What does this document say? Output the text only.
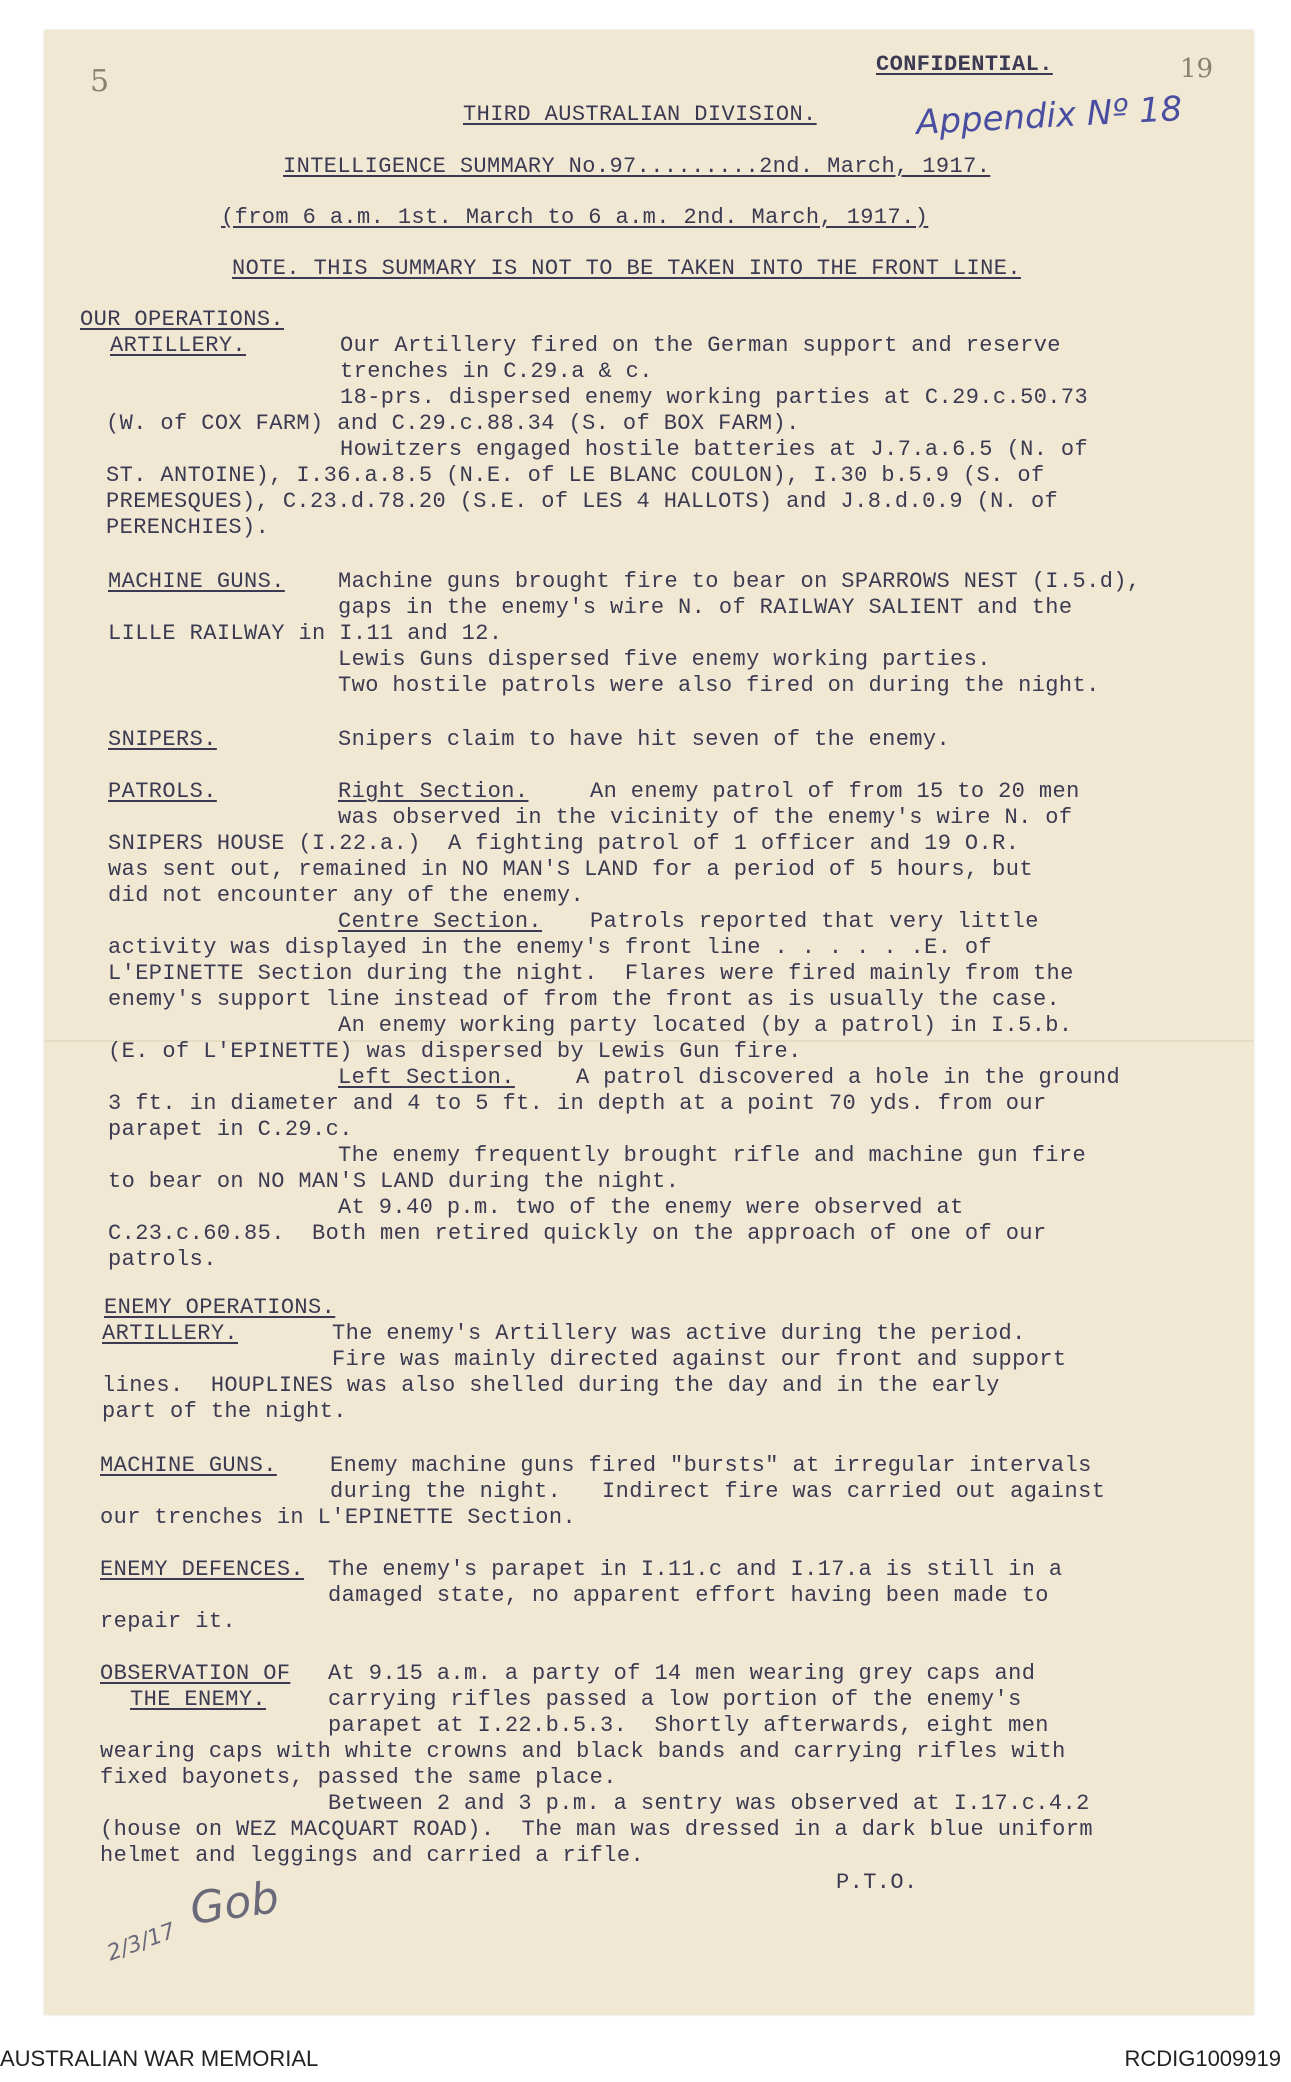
5	19
CONFIDENTIAL.
Appendix Nº 18
THIRD AUSTRALIAN DIVISION.
INTELLIGENCE SUMMARY No.97.........2nd. March, 1917.
(from 6 a.m. 1st. March to 6 a.m. 2nd. March, 1917.)
NOTE. THIS SUMMARY IS NOT TO BE TAKEN INTO THE FRONT LINE.
OUR OPERATIONS.
ARTILLERY.	Our Artillery fired on the German support and reserve
trenches in C.29.a & c.
18-prs. dispersed enemy working parties at C.29.c.50.73
(W. of COX FARM) and C.29.c.88.34 (S. of BOX FARM).
Howitzers engaged hostile batteries at J.7.a.6.5 (N. of
ST. ANTOINE), I.36.a.8.5 (N.E. of LE BLANC COULON), I.30 b.5.9 (S. of
PREMESQUES), C.23.d.78.20 (S.E. of LES 4 HALLOTS) and J.8.d.0.9 (N. of
PERENCHIES).
MACHINE GUNS. Machine guns brought fire to bear on SPARROWS NEST (I.5.d),
gaps in the enemy's wire N. of RAILWAY SALIENT and the
LILLE RAILWAY in I.11 and 12.
Lewis Guns dispersed five enemy working parties.
Two hostile patrols were also fired on during the night.
SNIPERS.	Snipers claim to have hit seven of the enemy.
PATROLS.	Right Section.	An enemy patrol of from 15 to 20 men
was observed in the vicinity of the enemy's wire N. of
SNIPERS HOUSE (I.22.a.)  A fighting patrol of 1 officer and 19 O.R.
was sent out, remained in NO MAN'S LAND for a period of 5 hours, but
did not encounter any of the enemy.
Centre Section. Patrols reported that very little
activity was displayed in the enemy's front line . . . . . .E. of
L'EPINETTE Section during the night.  Flares were fired mainly from the
enemy's support line instead of from the front as is usually the case.
An enemy working party located (by a patrol) in I.5.b.
(E. of L'EPINETTE) was dispersed by Lewis Gun fire.
Left Section.	A patrol discovered a hole in the ground
3 ft. in diameter and 4 to 5 ft. in depth at a point 70 yds. from our
parapet in C.29.c.
The enemy frequently brought rifle and machine gun fire
to bear on NO MAN'S LAND during the night.
At 9.40 p.m. two of the enemy were observed at
C.23.c.60.85.  Both men retired quickly on the approach of one of our
patrols.
ENEMY OPERATIONS.
ARTILLERY.	The enemy's Artillery was active during the period.
Fire was mainly directed against our front and support
lines.  HOUPLINES was also shelled during the day and in the early
part of the night.
MACHINE GUNS. Enemy machine guns fired "bursts" at irregular intervals
during the night.   Indirect fire was carried out against
our trenches in L'EPINETTE Section.
ENEMY DEFENCES. The enemy's parapet in I.11.c and I.17.a is still in a
damaged state, no apparent effort having been made to
repair it.
OBSERVATION OF
THE ENEMY.
At 9.15 a.m. a party of 14 men wearing grey caps and
carrying rifles passed a low portion of the enemy's
parapet at I.22.b.5.3.  Shortly afterwards, eight men
wearing caps with white crowns and black bands and carrying rifles with
fixed bayonets, passed the same place.
Between 2 and 3 p.m. a sentry was observed at I.17.c.4.2
(house on WEZ MACQUART ROAD).  The man was dressed in a dark blue uniform
helmet and leggings and carried a rifle.
P.T.O.
Gob
2/3/17
AUSTRALIAN WAR MEMORIAL	RCDIG1009919
